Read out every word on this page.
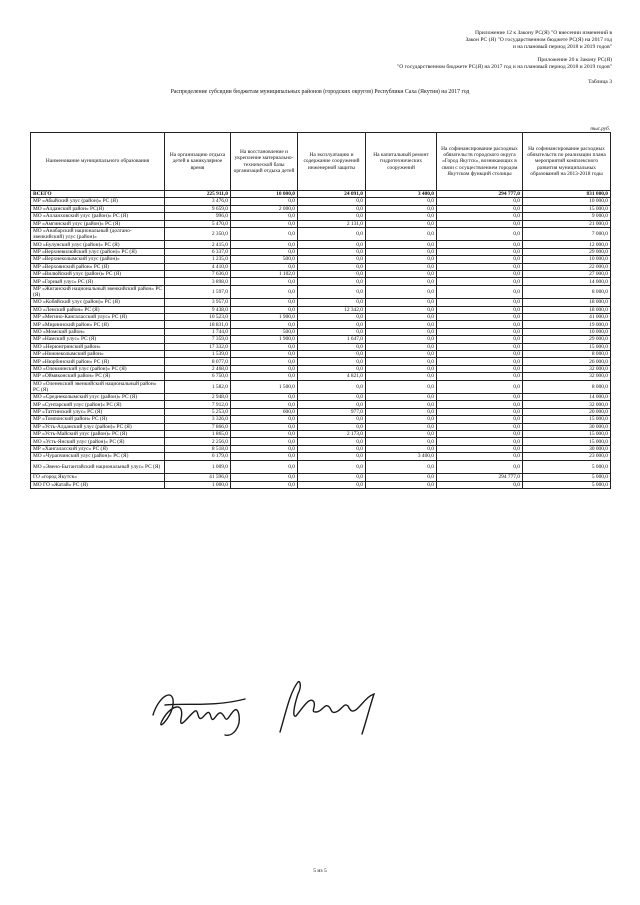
Приложение 12 к Закону РС(Я) "О внесении изменений в
Закон РС (Я) "О государственном бюджете РС(Я) на 2017 год
и на плановый период 2018 и 2019 годов"
Приложение 20 к Закону РС(Я)
"О государственном бюджете РС(Я) на 2017 год и на плановый период 2018 и 2019 годов"
Таблица 3
Распределение субсидии бюджетам муниципальных районов (городских округов) Республики Саха (Якутия) на 2017 год
тыс.руб.
Наименование муниципального образования	На организацию отдыха детей в каникулярное время	На восстановление и укрепление материально-технической базы организаций отдыха детей	На эксплуатацию и содержание сооружений инженерной защиты	На капитальный ремонт гидротехнических сооружений	На софинансирование расходных обязательств городского округа «Город Якутск», возникающих в связи с осуществлением городом Якутском функций столицы	На софинансирование расходных обязательств по реализации плана мероприятий комплексного развития муниципальных образований на 2013-2018 годы
ВСЕГО	225 911,0	10 000,0	24 091,0	3 400,0	294 777,0	831 000,0
МР «Абыйский улус (район)» РС (Я)	3 476,0	0,0	0,0	0,0	0,0	10 000,0
МО «Алданский район» РС(Я)	9 659,0	2 000,0	0,0	0,0	0,0	15 000,0
МО «Аллаиховский улус (район)» РС (Я)	996,0	0,0	0,0	0,0	0,0	9 000,0
МР «Амгинский улус (район)» РС (Я)	5 470,0	0,0	2 131,0	0,0	0,0	21 000,0
МО «Анабарский национальный (долгано-эвенкийский) улус (район)»	2 350,0	0,0	0,0	0,0	0,0	7 000,0
МО «Булунский улус (район)» РС (Я)	2 415,0	0,0	0,0	0,0	0,0	12 000,0
МР «Верхневилюйский улус (район)» РС (Я)	6 337,0	0,0	0,0	0,0	0,0	29 000,0
МР «Верхнеколымский улус (район)»	1 235,0	500,0	0,0	0,0	0,0	10 000,0
МР «Верхоянский район» РС (Я)	4 410,0	0,0	0,0	0,0	0,0	22 000,0
МР «Вилюйский улус (район)» РС (Я)	7 636,0	1 102,0	0,0	0,0	0,0	27 000,0
МР «Горный улус» РС (Я)	3 898,0	0,0	0,0	0,0	0,0	14 000,0
МР «Жиганский национальный эвенкийский район» РС (Я)	1 597,0	0,0	0,0	0,0	0,0	8 000,0
МО «Кобяйский улус (район)» РС (Я)	3 957,0	0,0	0,0	0,0	0,0	18 000,0
МО «Ленский район» РС (Я)	9 438,0	0,0	12 342,0	0,0	0,0	18 000,0
МР «Мегино-Кангаласский улус» РС (Я)	10 523,0	1 900,0	0,0	0,0	0,0	41 000,0
МР «Мирнинский район» РС (Я)	18 831,0	0,0	0,0	0,0	0,0	19 000,0
МО «Момский район»	1 744,0	500,0	0,0	0,0	0,0	10 000,0
МР «Намский улус» РС (Я)	7 359,0	1 900,0	1 647,0	0,0	0,0	29 000,0
МО «Нерюнгринский район»	17 332,0	0,0	0,0	0,0	0,0	15 000,0
МР «Нижнеколымский район»	1 539,0	0,0	0,0	0,0	0,0	8 000,0
МР «Нюрбинский район» РС (Я)	8 077,0	0,0	0,0	0,0	0,0	26 000,0
МО «Олекминский улус (район)» РС (Я)	2 468,0	0,0	0,0	0,0	0,0	32 000,0
МР «Оймяконский район» РС (Я)	6 750,0	0,0	4 821,0	0,0	0,0	32 000,0
МО «Оленекский эвенкийский национальный район» РС (Я)	1 582,0	1 500,0	0,0	0,0	0,0	8 000,0
МО «Среднеколымский улус (район)» РС (Я)	2 948,0	0,0	0,0	0,0	0,0	14 000,0
МР «Сунтарский улус (район)» РС (Я)	7 912,0	0,0	0,0	0,0	0,0	32 000,0
МР «Таттинский улус» РС (Я)	5 253,0	600,0	977,0	0,0	0,0	20 000,0
МР «Томпонский район» РС (Я)	3 326,0	0,0	0,0	0,0	0,0	15 000,0
МР «Усть-Алданский улус (район)» РС (Я)	7 866,0	0,0	0,0	0,0	0,0	30 000,0
МР «Усть-Майский улус (район)» РС (Я)	1 865,0	0,0	2 173,0	0,0	0,0	15 000,0
МО «Усть-Янский улус (район)» РС (Я)	2 256,0	0,0	0,0	0,0	0,0	15 000,0
МР «Хангаласский улус» РС (Я)	8 518,0	0,0	0,0	0,0	0,0	30 000,0
МО «Чурапчинский улус (район)» РС (Я)	6 179,0	0,0	0,0	3 400,0	0,0	23 000,0
МО «Эвено-Бытантайский национальный улус» РС (Я)	1 009,0	0,0	0,0	0,0	0,0	5 000,0
ГО «город Якутск»	41 596,0	0,0	0,0	0,0	294 777,0	5 000,0
МО ГО «Жатай» РС (Я)	1 000,0	0,0	0,0	0,0	0,0	5 000,0
5 из 5
